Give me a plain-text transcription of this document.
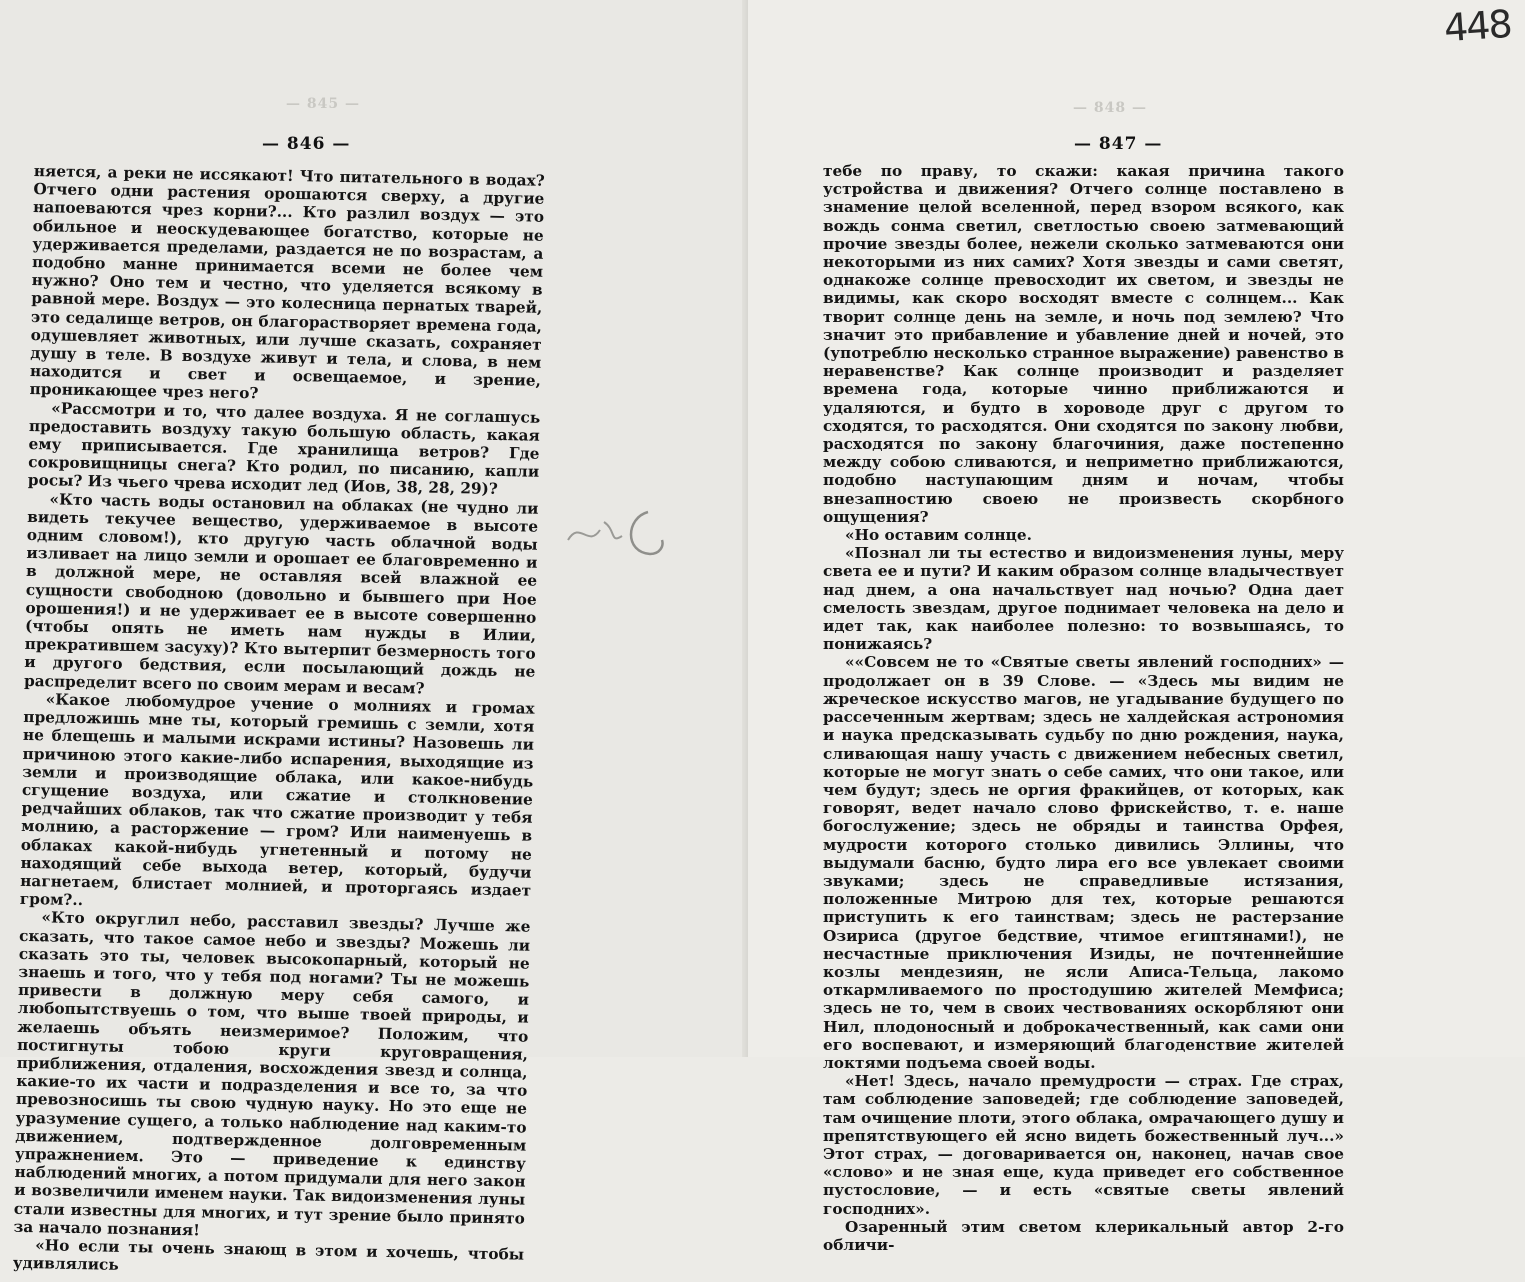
— 845 —
— 846 —

няется, а реки не иссякают! Что питательного в водах? Отчего одни растения орошаются сверху, а другие напоеваются чрез корни?... Кто разлил воздух — это обильное и неоскудевающее богатство, которые не удерживается пределами, раздается не по возрастам, а подобно манне принимается всеми не более чем нужно? Оно тем и честно, что уделяется всякому в равной мере. Воздух — это колесница пернатых тварей, это седалище ветров, он благорастворяет времена года, одушевляет животных, или лучше сказать, сохраняет душу в теле. В воздухе живут и тела, и слова, в нем находится и свет и освещаемое, и зрение, проникающее чрез него?

«Рассмотри и то, что далее воздуха. Я не соглашусь предоставить воздуху такую большую область, какая ему приписывается. Где хранилища ветров? Где сокровищницы снега? Кто родил, по писанию, капли росы? Из чьего чрева исходит лед (Иов, 38, 28, 29)?

«Кто часть воды остановил на облаках (не чудно ли видеть текучее вещество, удерживаемое в высоте одним словом!), кто другую часть облачной воды изливает на лицо земли и орошает ее благовременно и в должной мере, не оставляя всей влажной ее сущности свободною (довольно и бывшего при Ное орошения!) и не удерживает ее в высоте совершенно (чтобы опять не иметь нам нужды в Илии, прекратившем засуху)? Кто вытерпит безмерность того и другого бедствия, если посылающий дождь не распределит всего по своим мерам и весам?

«Какое любомудрое учение о молниях и громах предложишь мне ты, который гремишь с земли, хотя не блещешь и малыми искрами истины? Назовешь ли причиною этого какие-либо испарения, выходящие из земли и производящие облака, или какое-нибудь сгущение воздуха, или сжатие и столкновение редчайших облаков, так что сжатие производит у тебя молнию, а расторжение — гром? Или наименуешь в облаках какой-нибудь угнетенный и потому не находящий себе выхода ветер, который, будучи нагнетаем, блистает молнией, и проторгаясь издает гром?..

«Кто округлил небо, расставил звезды? Лучше же сказать, что такое самое небо и звезды? Можешь ли сказать это ты, человек высокопарный, который не знаешь и того, что у тебя под ногами? Ты не можешь привести в должную меру себя самого, и любопытствуешь о том, что выше твоей природы, и желаешь объять неизмеримое? Положим, что постигнуты тобою круги круговращения, приближения, отдаления, восхождения звезд и солнца, какие-то их части и подразделения и все то, за что превозносишь ты свою чудную науку. Но это еще не уразумение сущего, а только наблюдение над каким-то движением, подтвержденное долговременным упражнением. Это — приведение к единству наблюдений многих, а потом придумали для него закон и возвеличили именем науки. Так видоизменения луны стали известны для многих, и тут зрение было принято за начало познания!

«Но если ты очень знающ в этом и хочешь, чтобы удивлялись

— 848 —
— 847 —

тебе по праву, то скажи: какая причина такого устройства и движения? Отчего солнце поставлено в знамение целой вселенной, перед взором всякого, как вождь сонма светил, светлостью своею затмевающий прочие звезды более, нежели сколько затмеваются они некоторыми из них самих? Хотя звезды и сами светят, однакоже солнце превосходит их светом, и звезды не видимы, как скоро восходят вместе с солнцем... Как творит солнце день на земле, и ночь под землею? Что значит это прибавление и убавление дней и ночей, это (употреблю несколько странное выражение) равенство в неравенстве? Как солнце производит и разделяет времена года, которые чинно приближаются и удаляются, и будто в хороводе друг с другом то сходятся, то расходятся. Они сходятся по закону любви, расходятся по закону благочиния, даже постепенно между собою сливаются, и неприметно приближаются, подобно наступающим дням и ночам, чтобы внезапностию своею не произвесть скорбного ощущения?

«Но оставим солнце.

«Познал ли ты естество и видоизменения луны, меру света ее и пути? И каким образом солнце владычествует над днем, а она начальствует над ночью? Одна дает смелость звездам, другое поднимает человека на дело и идет так, как наиболее полезно: то возвышаясь, то понижаясь?

««Совсем не то «Святые светы явлений господних» — продолжает он в 39 Слове. — «Здесь мы видим не жреческое искусство магов, не угадывание будущего по рассеченным жертвам; здесь не халдейская астрономия и наука предсказывать судьбу по дню рождения, наука, сливающая нашу участь с движением небесных светил, которые не могут знать о себе самих, что они такое, или чем будут; здесь не оргия фракийцев, от которых, как говорят, ведет начало слово фрискейство, т. е. наше богослужение; здесь не обряды и таинства Орфея, мудрости которого столько дивились Эллины, что выдумали басню, будто лира его все увлекает своими звуками; здесь не справедливые истязания, положенные Митрою для тех, которые решаются приступить к его таинствам; здесь не растерзание Озириса (другое бедствие, чтимое египтянами!), не несчастные приключения Изиды, не почтеннейшие козлы мендезиян, не ясли Аписа-Тельца, лакомо откармливаемого по простодушию жителей Мемфиса; здесь не то, чем в своих чествованиях оскорбляют они Нил, плодоносный и доброкачественный, как сами они его воспевают, и измеряющий благоденствие жителей локтями подъема своей воды.

«Нет! Здесь, начало премудрости — страх. Где страх, там соблюдение заповедей; где соблюдение заповедей, там очищение плоти, этого облака, омрачающего душу и препятствующего ей ясно видеть божественный луч...» Этот страх, — договаривается он, наконец, начав свое «слово» и не зная еще, куда приведет его собственное пустословие, — и есть «святые светы явлений господних».

Озаренный этим светом клерикальный автор 2-го обличи-

448
